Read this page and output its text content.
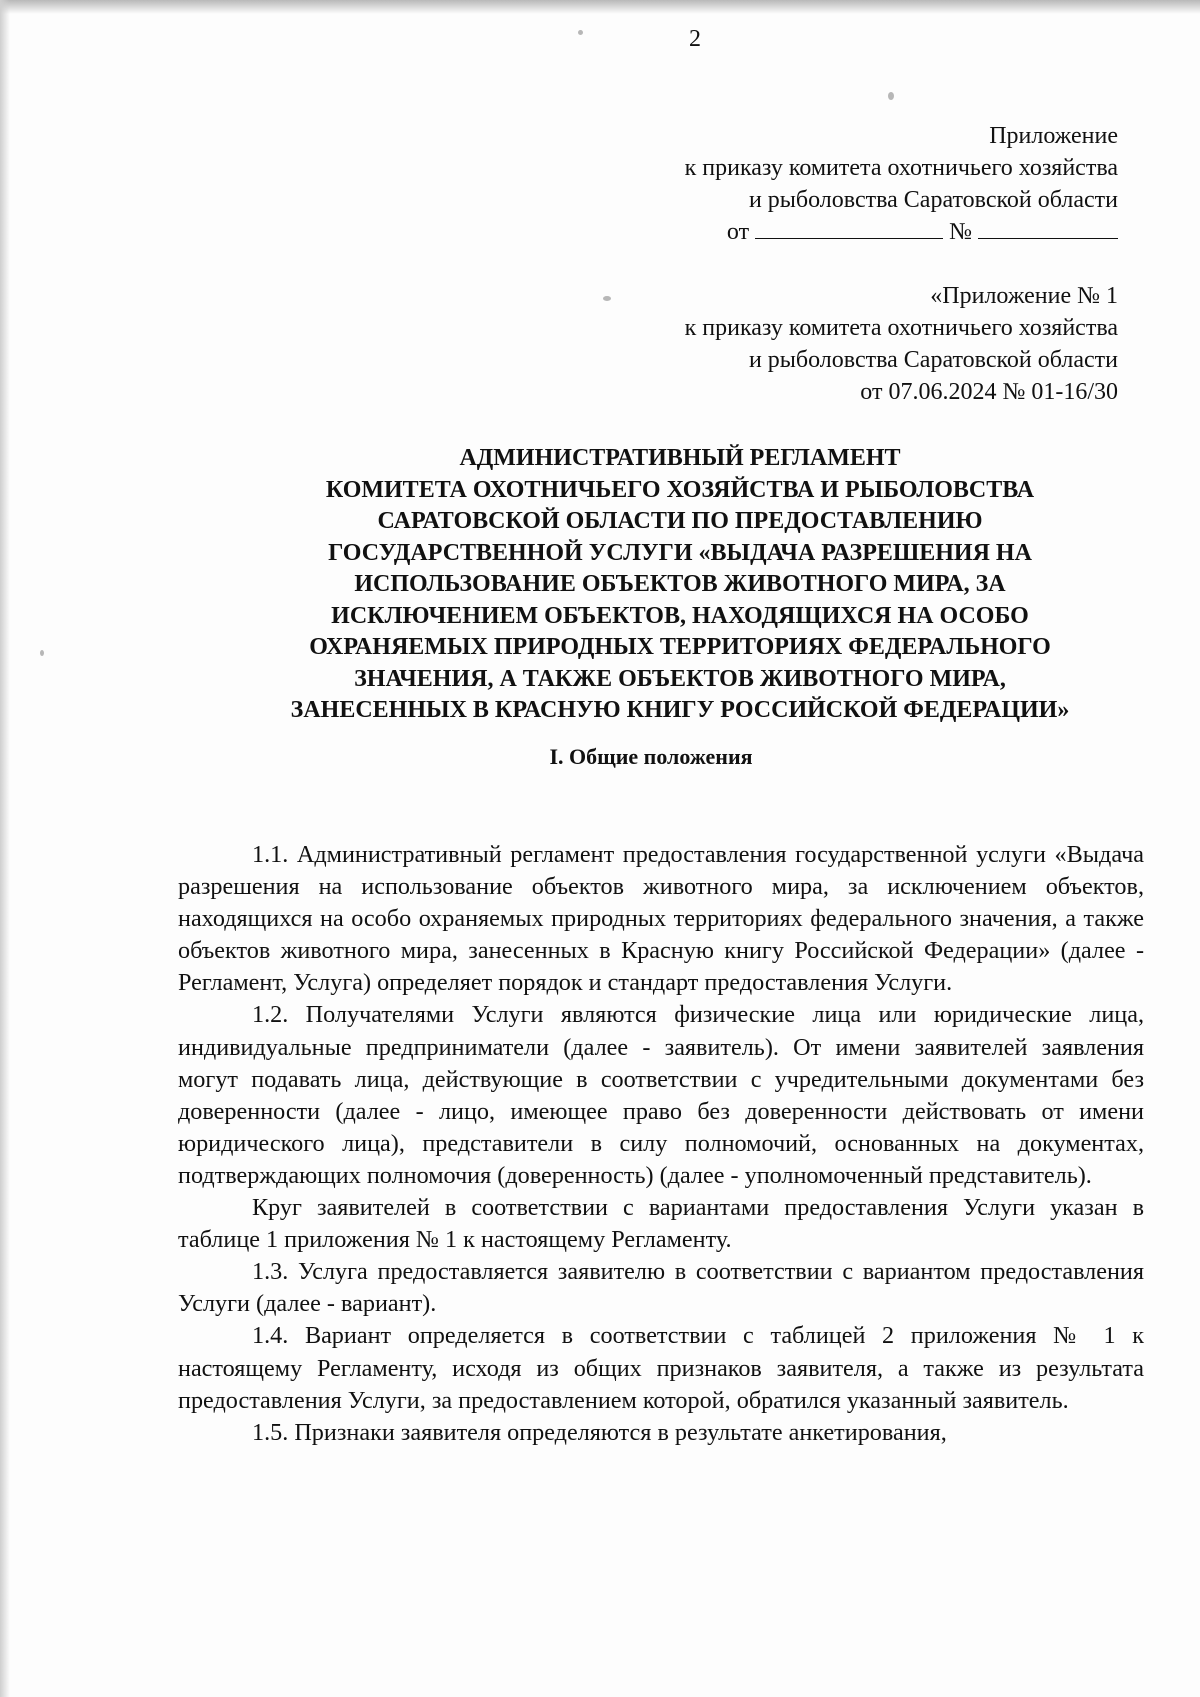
2
Приложение
к приказу комитета охотничьего хозяйства
и рыболовства Саратовской области
от	№
«Приложение № 1
к приказу комитета охотничьего хозяйства
и рыболовства Саратовской области
от 07.06.2024 № 01-16/30
АДМИНИСТРАТИВНЫЙ РЕГЛАМЕНТ
КОМИТЕТА ОХОТНИЧЬЕГО ХОЗЯЙСТВА И РЫБОЛОВСТВА
САРАТОВСКОЙ ОБЛАСТИ ПО ПРЕДОСТАВЛЕНИЮ
ГОСУДАРСТВЕННОЙ УСЛУГИ «ВЫДАЧА РАЗРЕШЕНИЯ НА
ИСПОЛЬЗОВАНИЕ ОБЪЕКТОВ ЖИВОТНОГО МИРА, ЗА
ИСКЛЮЧЕНИЕМ ОБЪЕКТОВ, НАХОДЯЩИХСЯ НА ОСОБО
ОХРАНЯЕМЫХ ПРИРОДНЫХ ТЕРРИТОРИЯХ ФЕДЕРАЛЬНОГО
ЗНАЧЕНИЯ, А ТАКЖЕ ОБЪЕКТОВ ЖИВОТНОГО МИРА,
ЗАНЕСЕННЫХ В КРАСНУЮ КНИГУ РОССИЙСКОЙ ФЕДЕРАЦИИ»
I. Общие положения

1.1. Административный регламент предоставления государственной услуги «Выдача разрешения на использование объектов животного мира, за исключением объектов, находящихся на особо охраняемых природных территориях федерального значения, а также объектов животного мира, занесенных в Красную книгу Российской Федерации» (далее - Регламент, Услуга) определяет порядок и стандарт предоставления Услуги.

1.2. Получателями Услуги являются физические лица или юридические лица, индивидуальные предприниматели (далее - заявитель). От имени заявителей заявления могут подавать лица, действующие в соответствии с учредительными документами без доверенности (далее - лицо, имеющее право без доверенности действовать от имени юридического лица), представители в силу полномочий, основанных на документах, подтверждающих полномочия (доверенность) (далее - уполномоченный представитель).

Круг заявителей в соответствии с вариантами предоставления Услуги указан в таблице 1 приложения № 1 к настоящему Регламенту.

1.3. Услуга предоставляется заявителю в соответствии с вариантом предоставления Услуги (далее - вариант).

1.4. Вариант определяется в соответствии с таблицей 2 приложения № 1 к настоящему Регламенту, исходя из общих признаков заявителя, а также из результата предоставления Услуги, за предоставлением которой, обратился указанный заявитель.

1.5. Признаки заявителя определяются в результате анкетирования,
